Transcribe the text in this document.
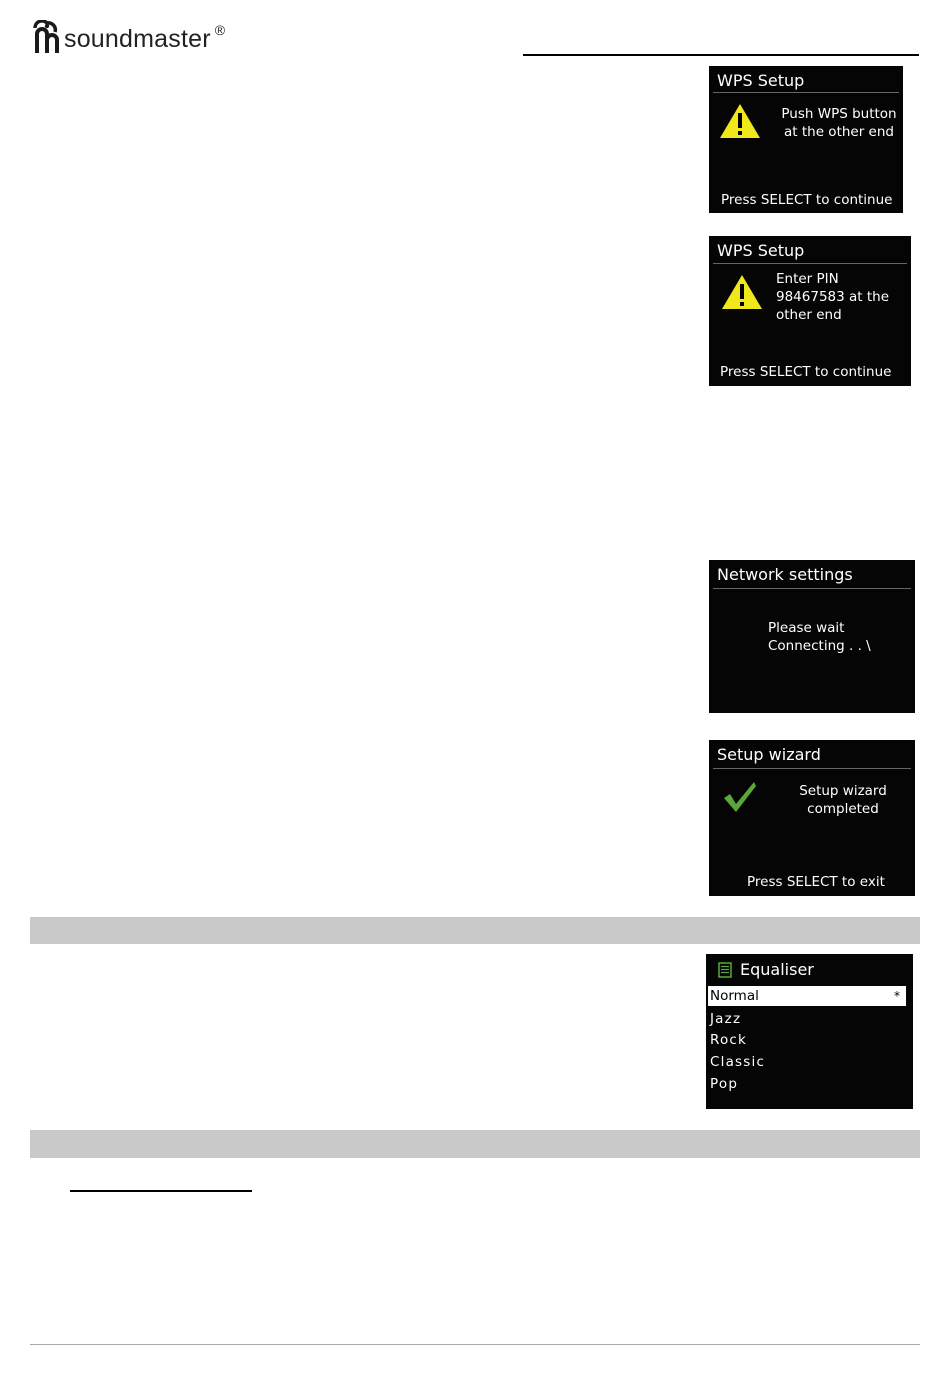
soundmaster ®
WPS Setup
Push WPS button
at the other end
Press SELECT to continue
WPS Setup
Enter PIN
98467583 at the
other end
Press SELECT to continue
Network settings
Please wait
Connecting . . \
Setup wizard
Setup wizard
completed
Press SELECT to exit
Equaliser
Normal	*
Jazz
Rock
Classic
Pop
